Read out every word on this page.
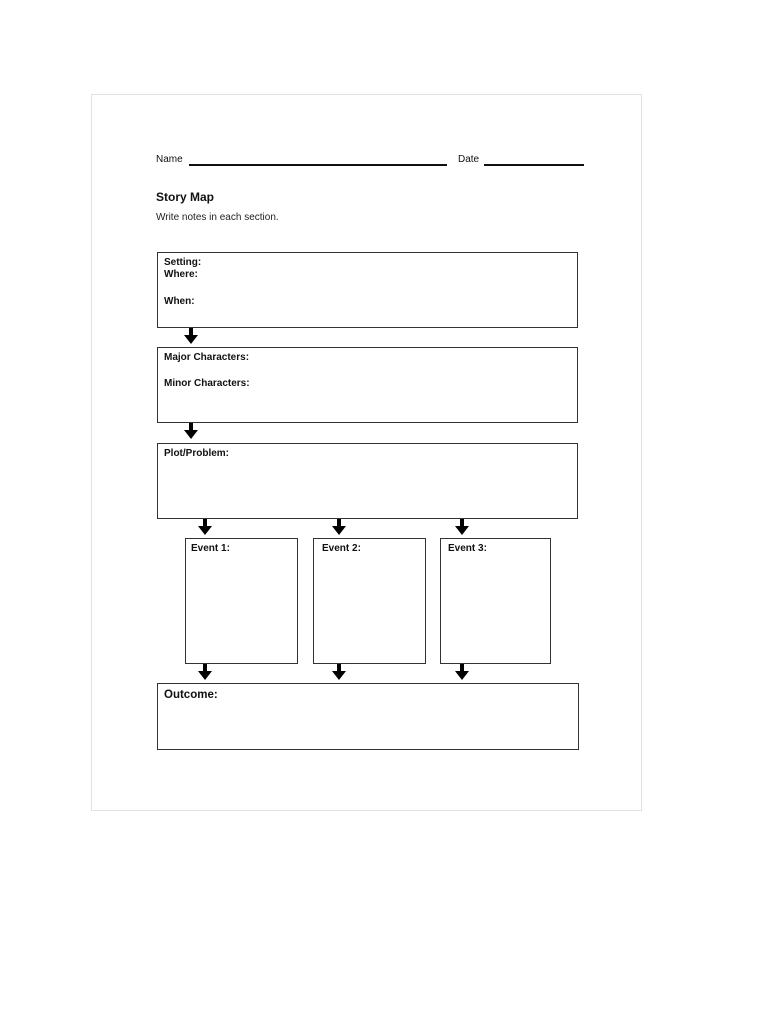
Name	Date
Story Map
Write notes in each section.
Setting:
Where:
When:
Major Characters:
Minor Characters:
Plot/Problem:
Event 1:	Event 2:	Event 3:
Outcome:
